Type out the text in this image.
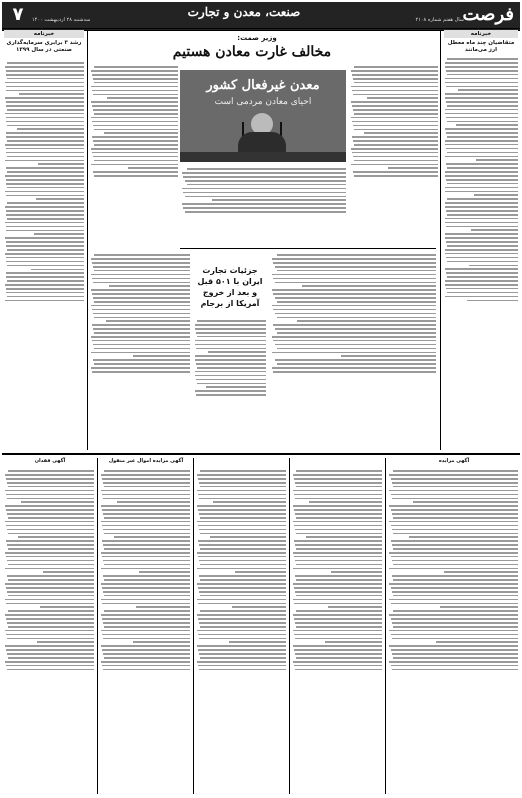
فرصت
سال هفتم شماره ۲۱۰۸
صنعت، معدن و تجارت
سه‌شنبه ۲۸ اردیبهشت ۱۴۰۰
۷
خبرنامه
متقاضیان چند ماه معطل ارز می‌مانند
خبرنامه
رشد ۳ برابری سرمایه‌گذاری صنعتی در سال ۱۳۹۹
وزیر صمت:
مخالف غارت معادن هستیم
معدن غیرفعال کشور
احیای معادن مردمی است
جزئیات تجارت ایران با ۵۰۱ قبل و بعد از خروج آمریکا از برجام
آگهی مزایده اموال غیر منقول	آگهی مزایده
آگهی فقدان
